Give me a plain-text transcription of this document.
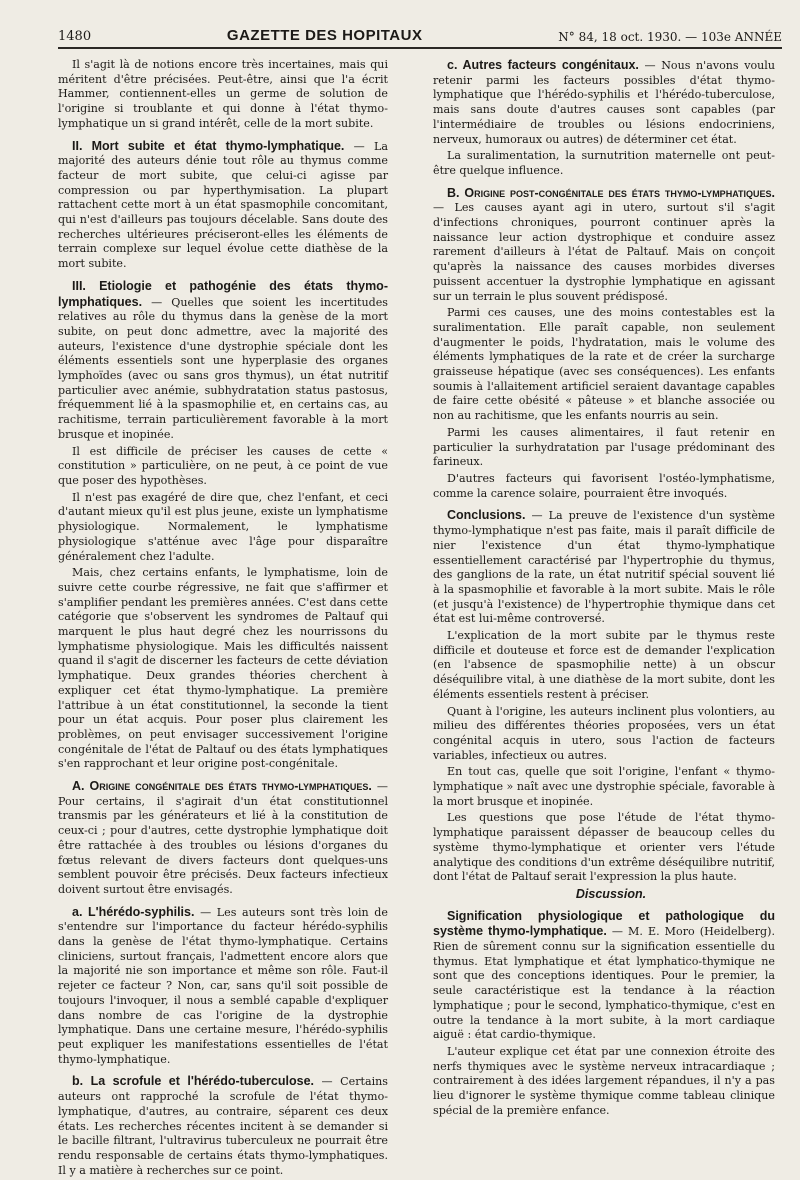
1480	GAZETTE DES HOPITAUX	N° 84, 18 oct. 1930. — 103e ANNÉE

Il s'agit là de notions encore très incertaines, mais qui méritent d'être précisées. Peut-être, ainsi que l'a écrit Hammer, contiennent-elles un germe de solution de l'origine si troublante et qui donne à l'état thymo-lymphatique un si grand intérêt, celle de la mort subite.

II. Mort subite et état thymo-lymphatique. — La majorité des auteurs dénie tout rôle au thymus comme facteur de mort subite, que celui-ci agisse par compression ou par hyperthymisation. La plupart rattachent cette mort à un état spasmophile concomitant, qui n'est d'ailleurs pas toujours décelable. Sans doute des recherches ultérieures préciseront-elles les éléments de terrain complexe sur lequel évolue cette diathèse de la mort subite.

III. Etiologie et pathogénie des états thymo-lymphatiques. — Quelles que soient les incertitudes relatives au rôle du thymus dans la genèse de la mort subite, on peut donc admettre, avec la majorité des auteurs, l'existence d'une dystrophie spéciale dont les éléments essentiels sont une hyperplasie des organes lymphoïdes (avec ou sans gros thymus), un état nutritif particulier avec anémie, subhydratation status pastosus, fréquemment lié à la spasmophilie et, en certains cas, au rachitisme, terrain particulièrement favorable à la mort brusque et inopinée.

Il est difficile de préciser les causes de cette « constitution » particulière, on ne peut, à ce point de vue que poser des hypothèses.

Il n'est pas exagéré de dire que, chez l'enfant, et ceci d'autant mieux qu'il est plus jeune, existe un lymphatisme physiologique. Normalement, le lymphatisme physiologique s'atténue avec l'âge pour disparaître généralement chez l'adulte.

Mais, chez certains enfants, le lymphatisme, loin de suivre cette courbe régressive, ne fait que s'affirmer et s'amplifier pendant les premières années. C'est dans cette catégorie que s'observent les syndromes de Paltauf qui marquent le plus haut degré chez les nourrissons du lymphatisme physiologique. Mais les difficultés naissent quand il s'agit de discerner les facteurs de cette déviation lymphatique. Deux grandes théories cherchent à expliquer cet état thymo-lymphatique. La première l'attribue à un état constitutionnel, la seconde la tient pour un état acquis. Pour poser plus clairement les problèmes, on peut envisager successivement l'origine congénitale de l'état de Paltauf ou des états lymphatiques s'en rapprochant et leur origine post-congénitale.

A. Origine congénitale des états thymo-lymphatiques. — Pour certains, il s'agirait d'un état constitutionnel transmis par les générateurs et lié à la constitution de ceux-ci ; pour d'autres, cette dystrophie lymphatique doit être rattachée à des troubles ou lésions d'organes du fœtus relevant de divers facteurs dont quelques-uns semblent pouvoir être précisés. Deux facteurs infectieux doivent surtout être envisagés.

a. L'hérédo-syphilis. — Les auteurs sont très loin de s'entendre sur l'importance du facteur hérédo-syphilis dans la genèse de l'état thymo-lymphatique. Certains cliniciens, surtout français, l'admettent encore alors que la majorité nie son importance et même son rôle. Faut-il rejeter ce facteur ? Non, car, sans qu'il soit possible de toujours l'invoquer, il nous a semblé capable d'expliquer dans nombre de cas l'origine de la dystrophie lymphatique. Dans une certaine mesure, l'hérédo-syphilis peut expliquer les manifestations essentielles de l'état thymo-lymphatique.

b. La scrofule et l'hérédo-tuberculose. — Certains auteurs ont rapproché la scrofule de l'état thymo-lymphatique, d'autres, au contraire, séparent ces deux états. Les recherches récentes incitent à se demander si le bacille filtrant, l'ultravirus tuberculeux ne pourrait être rendu responsable de certains états thymo-lymphatiques. Il y a matière à recherches sur ce point.

c. Autres facteurs congénitaux. — Nous n'avons voulu retenir parmi les facteurs possibles d'état thymo-lymphatique que l'hérédo-syphilis et l'hérédo-tuberculose, mais sans doute d'autres causes sont capables (par l'intermédiaire de troubles ou lésions endocriniens, nerveux, humoraux ou autres) de déterminer cet état.

La suralimentation, la surnutrition maternelle ont peut-être quelque influence.

B. Origine post-congénitale des états thymo-lymphatiques. — Les causes ayant agi in utero, surtout s'il s'agit d'infections chroniques, pourront continuer après la naissance leur action dystrophique et conduire assez rarement d'ailleurs à l'état de Paltauf. Mais on conçoit qu'après la naissance des causes morbides diverses puissent accentuer la dystrophie lymphatique en agissant sur un terrain le plus souvent prédisposé.

Parmi ces causes, une des moins contestables est la suralimentation. Elle paraît capable, non seulement d'augmenter le poids, l'hydratation, mais le volume des éléments lymphatiques de la rate et de créer la surcharge graisseuse hépatique (avec ses conséquences). Les enfants soumis à l'allaitement artificiel seraient davantage capables de faire cette obésité « pâteuse » et blanche associée ou non au rachitisme, que les enfants nourris au sein.

Parmi les causes alimentaires, il faut retenir en particulier la surhydratation par l'usage prédominant des farineux.

D'autres facteurs qui favorisent l'ostéo-lymphatisme, comme la carence solaire, pourraient être invoqués.

Conclusions. — La preuve de l'existence d'un système thymo-lymphatique n'est pas faite, mais il paraît difficile de nier l'existence d'un état thymo-lymphatique essentiellement caractérisé par l'hypertrophie du thymus, des ganglions de la rate, un état nutritif spécial souvent lié à la spasmophilie et favorable à la mort subite. Mais le rôle (et jusqu'à l'existence) de l'hypertrophie thymique dans cet état est lui-même controversé.

L'explication de la mort subite par le thymus reste difficile et douteuse et force est de demander l'explication (en l'absence de spasmophilie nette) à un obscur déséquilibre vital, à une diathèse de la mort subite, dont les éléments essentiels restent à préciser.

Quant à l'origine, les auteurs inclinent plus volontiers, au milieu des différentes théories proposées, vers un état congénital acquis in utero, sous l'action de facteurs variables, infectieux ou autres.

En tout cas, quelle que soit l'origine, l'enfant « thymo-lymphatique » naît avec une dystrophie spéciale, favorable à la mort brusque et inopinée.

Les questions que pose l'étude de l'état thymo-lymphatique paraissent dépasser de beaucoup celles du système thymo-lymphatique et orienter vers l'étude analytique des conditions d'un extrême déséquilibre nutritif, dont l'état de Paltauf serait l'expression la plus haute.

Discussion.

Signification physiologique et pathologique du système thymo-lymphatique. — M. E. Moro (Heidelberg). Rien de sûrement connu sur la signification essentielle du thymus. Etat lymphatique et état lymphatico-thymique ne sont que des conceptions identiques. Pour le premier, la seule caractéristique est la tendance à la réaction lymphatique ; pour le second, lymphatico-thymique, c'est en outre la tendance à la mort subite, à la mort cardiaque aiguë : état cardio-thymique.

L'auteur explique cet état par une connexion étroite des nerfs thymiques avec le système nerveux intracardiaque ; contrairement à des idées largement répandues, il n'y a pas lieu d'ignorer le système thymique comme tableau clinique spécial de la première enfance.
